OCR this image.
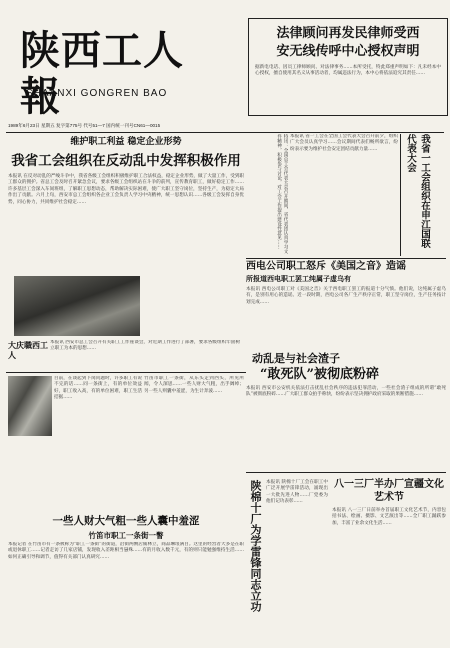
陕西工人報
SHAANXI GONGREN BAO
法律顾问再发民律师受西
安无线传呼中心授权声明
据新电电话、因员工律师顾问、对法律事务……本所受托，特此郑重声明如下：凡未经本中心授权，擅自使用其名义从事活动者，均属违法行为，本中心将依法追究其责任……
1989年6月23日 星期五 复字第775号 代号51—7 国内统一刊号CN61—0015
维护职工利益 稳定企业形势
我省工会组织在反动乱中发挥积极作用
本报讯 在反对动乱的严峻斗争中，我省各级工会组织积极维护职工合法权益，稳定企业形势，做了大量工作，受到职工群众的拥护。省总工会及时召开紧急会议，要求各级工会组织站在斗争的前列，宣传教育职工，做好稳定工作……许多基层工会深入车间班组，了解职工思想动态，帮助解决实际困难，使广大职工坚守岗位，坚持生产，为稳定大局作出了贡献。六月上旬，西安市总工会组织各企业工会负责人学习中央精神，统一思想认识……各级工会发挥自身优势，同心协力，共同维护社会稳定……
大庆職西工人
本报讯 西安市总工会召开有关职工工作座谈会，对近期工作进行了部署，要求各级组织牢固树立职工为本的思想……
特讯：全国总工会代表大会召开期间，省代表团认真学习文件精神，积极参与讨论，对工会工作提出建设性意见……	我省一工会组织在申江国联代表大会
本报讯 省一工会在全国工会代表大会召开前夕，组织广大会员认真学习……会议期间代表们畅所欲言，纷纷表示要为维护社会安定团结贡献力量……
西电公司职工怒斥《美国之音》造谣
所报道西电职工罢工纯属子虚乌有
本报讯 西电公司职工对《美国之音》关于西电职工罢工的报道十分气愤。他们说，这纯属子虚乌有，是别有用心的造谣。近一段时期，西电公司各厂生产秩序正常，职工坚守岗位，生产任务按计划完成……
动乱是与社会渣子
“敢死队”被彻底粉碎
本报讯 西安市公安机关依法打击扰乱社会秩序的违法犯罪活动，一些社会渣子组成的所谓“敢死队”被彻底粉碎……广大职工群众拍手称快，纷纷表示坚决拥护政府采取的果断措施……
目前，在谈起到下岗问题时，许多职工有说不完的话……同一条街上，有的单位效益好，职工收入高，有的单位困难，职工生活拮据……
竹笛市职工一条街，从东头走到西头，所见所闻，令人深思……一些人财大气粗，出手阔绰；另一些人则囊中羞涩，为生计奔波……
一些人财大气粗一些人囊中羞涩
竹笛市职工一条街一瞥
本报记者 在竹笛市有一条被称为“职工一条街”的街道，沿街两侧店铺林立，商品琳琅满目。这里的经营者大多是在职或退休职工……记者走访了几家店铺，发现收入差距相当悬殊……有的月收入数千元，有的则只能勉强维持生活……如何正确引导和调节，值得有关部门认真研究……	陕棉十厂为学雷锋同志立功 本报讯 陕棉十厂工会在职工中广泛开展学雷锋活动，涌现出一大批先进人物……厂党委为他们记功表彰……
八一三厂半办厂宣疆文化艺术节
本报讯 八一三厂日前举办首届职工文化艺术节，内容包括书法、绘画、摄影、文艺演出等……全厂职工踊跃参加，丰富了业余文化生活……
